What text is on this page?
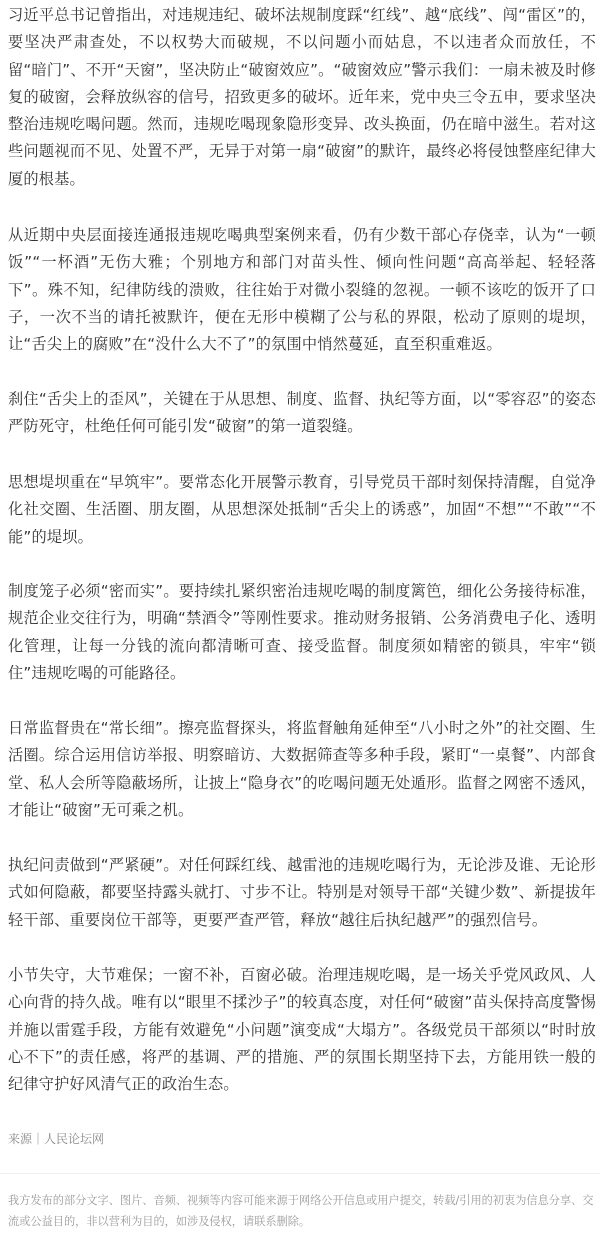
习近平总书记曾指出，对违规违纪、破坏法规制度踩“红线”、越“底线”、闯“雷区”的，要坚决严肃查处，不以权势大而破规，不以问题小而姑息，不以违者众而放任，不留“暗门”、不开“天窗”，坚决防止“破窗效应”。“破窗效应”警示我们：一扇未被及时修复的破窗，会释放纵容的信号，招致更多的破坏。近年来，党中央三令五申，要求坚决整治违规吃喝问题。然而，违规吃喝现象隐形变异、改头换面，仍在暗中滋生。若对这些问题视而不见、处置不严，无异于对第一扇“破窗”的默许，最终必将侵蚀整座纪律大厦的根基。

从近期中央层面接连通报违规吃喝典型案例来看，仍有少数干部心存侥幸，认为“一顿饭”“一杯酒”无伤大雅；个别地方和部门对苗头性、倾向性问题“高高举起、轻轻落下”。殊不知，纪律防线的溃败，往往始于对微小裂缝的忽视。一顿不该吃的饭开了口子，一次不当的请托被默许，便在无形中模糊了公与私的界限，松动了原则的堤坝，让“舌尖上的腐败”在“没什么大不了”的氛围中悄然蔓延，直至积重难返。

刹住“舌尖上的歪风”，关键在于从思想、制度、监督、执纪等方面，以“零容忍”的姿态严防死守，杜绝任何可能引发“破窗”的第一道裂缝。

思想堤坝重在“早筑牢”。要常态化开展警示教育，引导党员干部时刻保持清醒，自觉净化社交圈、生活圈、朋友圈，从思想深处抵制“舌尖上的诱惑”，加固“不想”“不敢”“不能”的堤坝。

制度笼子必须“密而实”。要持续扎紧织密治违规吃喝的制度篱笆，细化公务接待标准，规范企业交往行为，明确“禁酒令”等刚性要求。推动财务报销、公务消费电子化、透明化管理，让每一分钱的流向都清晰可查、接受监督。制度须如精密的锁具，牢牢“锁住”违规吃喝的可能路径。

日常监督贵在“常长细”。擦亮监督探头，将监督触角延伸至“八小时之外”的社交圈、生活圈。综合运用信访举报、明察暗访、大数据筛查等多种手段，紧盯“一桌餐”、内部食堂、私人会所等隐蔽场所，让披上“隐身衣”的吃喝问题无处遁形。监督之网密不透风，才能让“破窗”无可乘之机。

执纪问责做到“严紧硬”。对任何踩红线、越雷池的违规吃喝行为，无论涉及谁、无论形式如何隐蔽，都要坚持露头就打、寸步不让。特别是对领导干部“关键少数”、新提拔年轻干部、重要岗位干部等，更要严查严管，释放“越往后执纪越严”的强烈信号。

小节失守，大节难保；一窗不补，百窗必破。治理违规吃喝，是一场关乎党风政风、人心向背的持久战。唯有以“眼里不揉沙子”的较真态度，对任何“破窗”苗头保持高度警惕并施以雷霆手段，方能有效避免“小问题”演变成“大塌方”。各级党员干部须以“时时放心不下”的责任感，将严的基调、严的措施、严的氛围长期坚持下去，方能用铁一般的纪律守护好风清气正的政治生态。

来源｜人民论坛网

我方发布的部分文字、图片、音频、视频等内容可能来源于网络公开信息或用户提交，转载/引用的初衷为信息分享、交流或公益目的，非以营利为目的，如涉及侵权，请联系删除。
